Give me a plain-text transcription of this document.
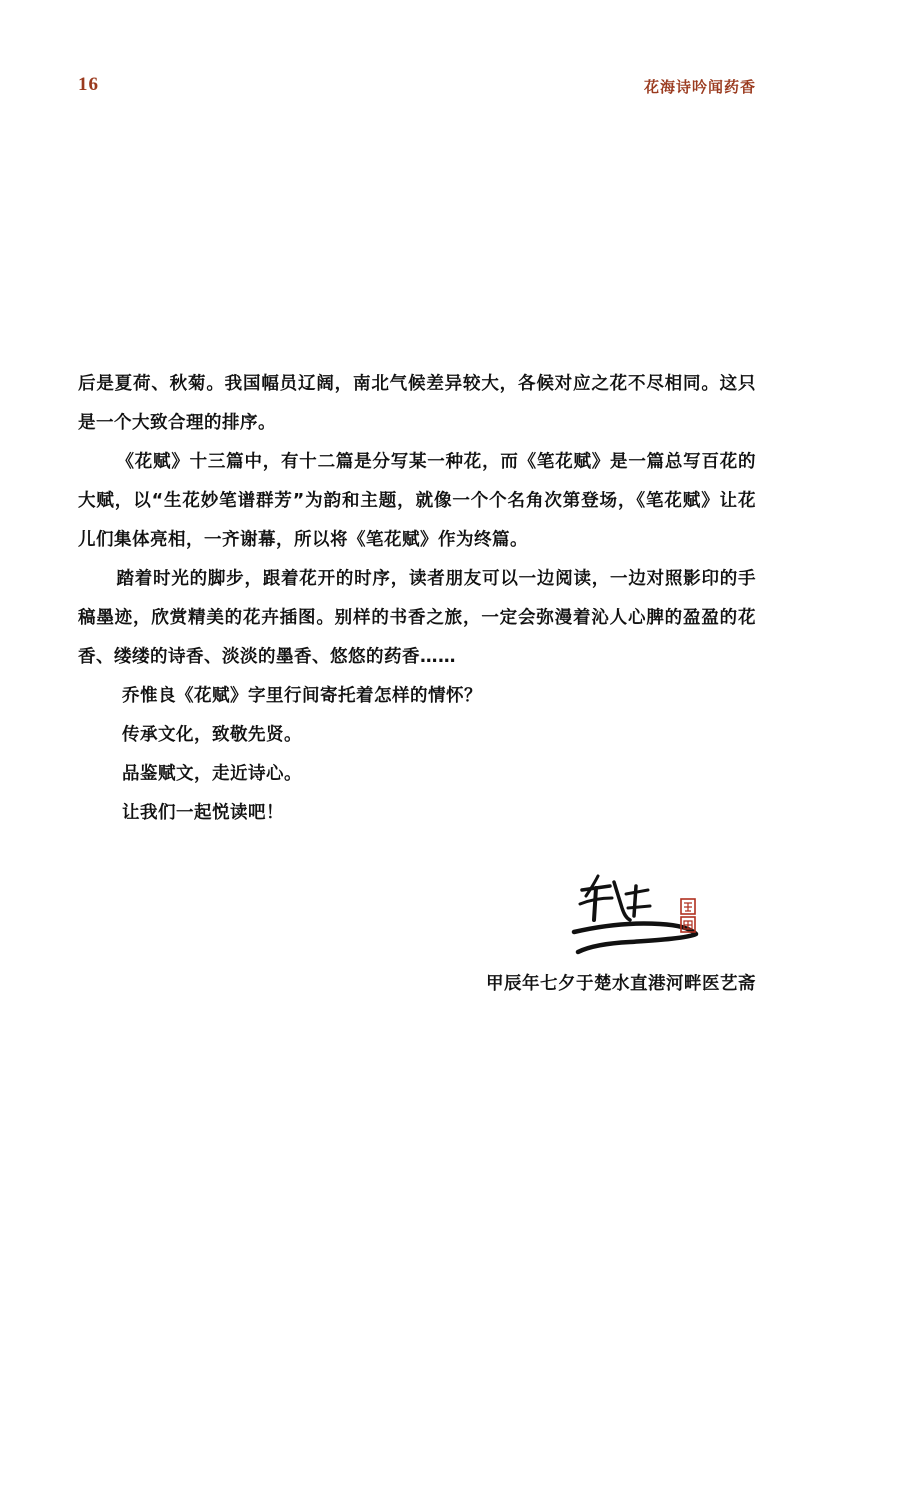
16	花海诗吟闻药香

后是夏荷、秋菊。我国幅员辽阔，南北气候差异较大，各候对应之花不尽相同。这只是一个大致合理的排序。

《花赋》十三篇中，有十二篇是分写某一种花，而《笔花赋》是一篇总写百花的大赋，以“生花妙笔谱群芳”为韵和主题，就像一个个名角次第登场，《笔花赋》让花儿们集体亮相，一齐谢幕，所以将《笔花赋》作为终篇。

踏着时光的脚步，跟着花开的时序，读者朋友可以一边阅读，一边对照影印的手稿墨迹，欣赏精美的花卉插图。别样的书香之旅，一定会弥漫着沁人心脾的盈盈的花香、缕缕的诗香、淡淡的墨香、悠悠的药香……

乔惟良《花赋》字里行间寄托着怎样的情怀？

传承文化，致敬先贤。

品鉴赋文，走近诗心。

让我们一起悦读吧！

甲辰年七夕于楚水直港河畔医艺斋
